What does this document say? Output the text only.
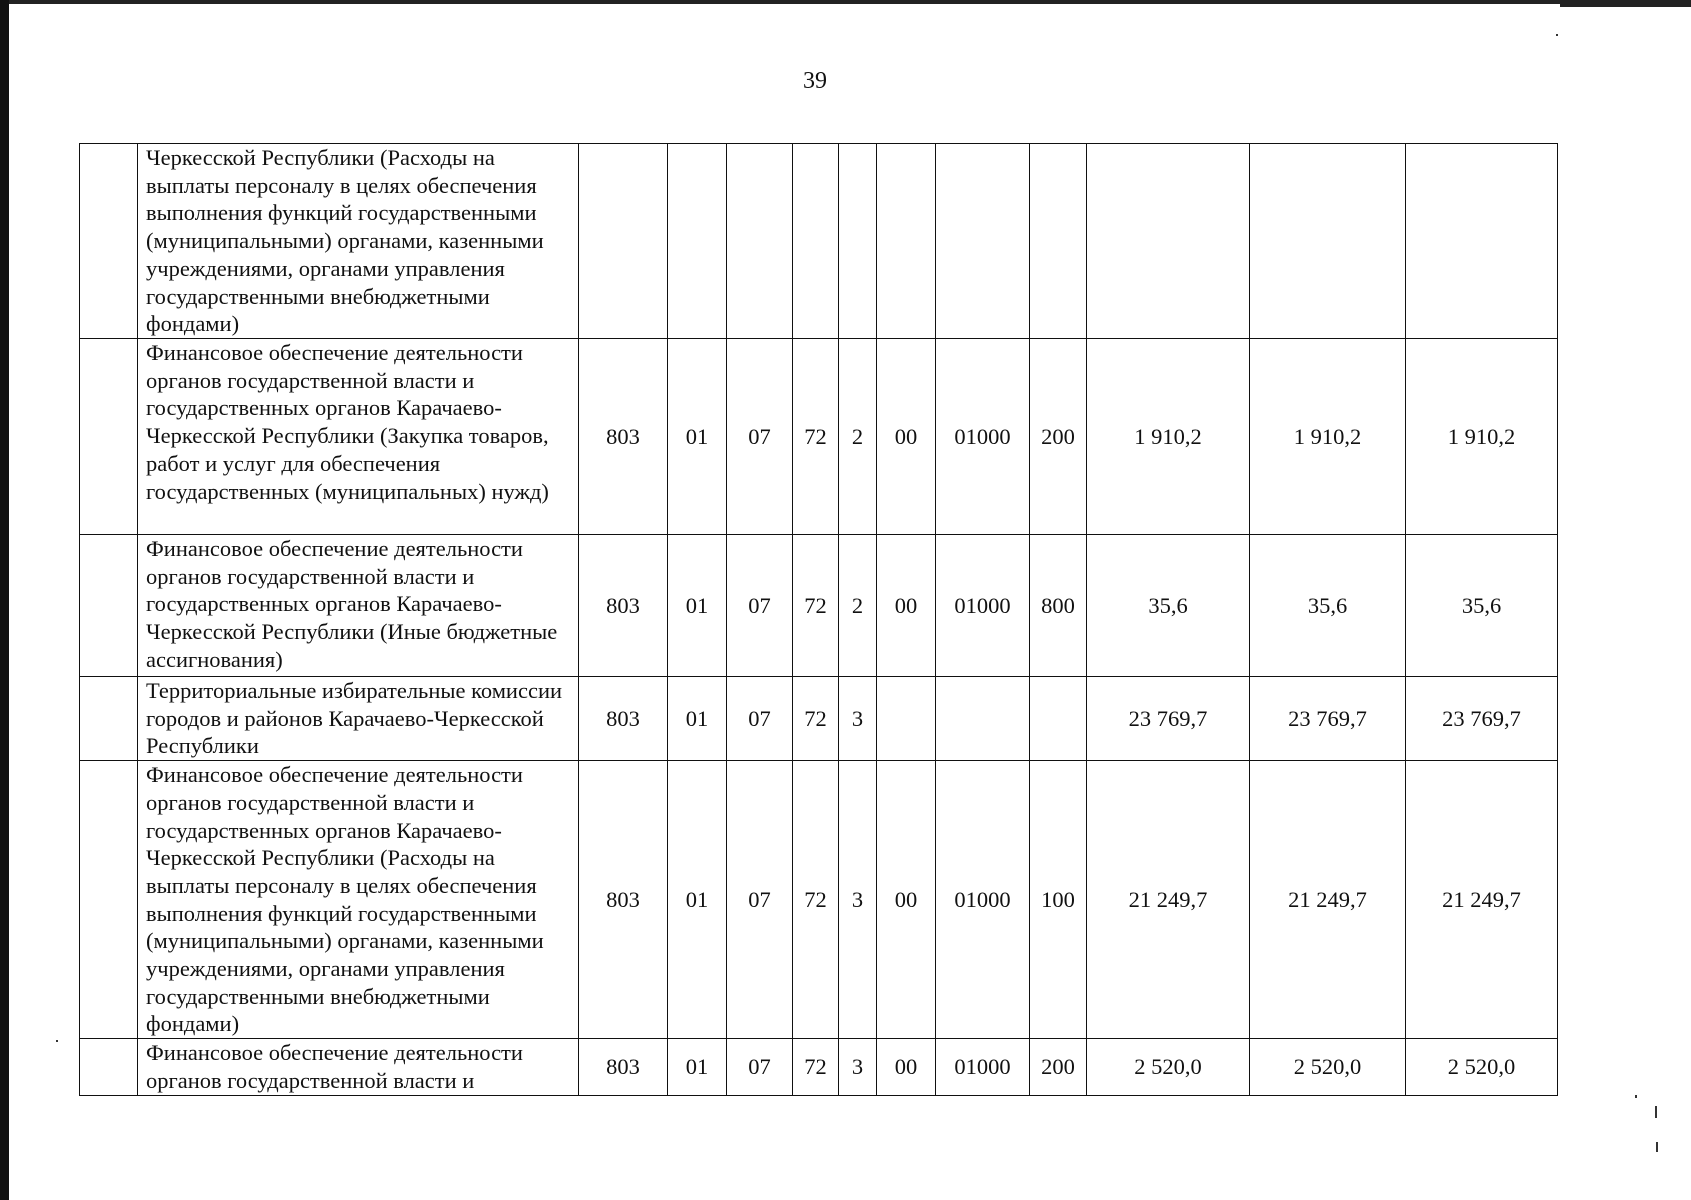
39
	Черкесской Республики (Расходы на выплаты персоналу в целях обеспечения выполнения функций государственными (муниципальными) органами, казенными учреждениями, органами управления государственными внебюджетными фондами)											
	Финансовое обеспечение деятельности органов государственной власти и государственных органов Карачаево-Черкесской Республики (Закупка товаров, работ и услуг для обеспечения государственных (муниципальных) нужд)	803	01	07	72	2	00	01000	200	1 910,2	1 910,2	1 910,2
	Финансовое обеспечение деятельности органов государственной власти и государственных органов Карачаево-Черкесской Республики (Иные бюджетные ассигнования)	803	01	07	72	2	00	01000	800	35,6	35,6	35,6
	Территориальные избирательные комиссии городов и районов Карачаево-Черкесской Республики	803	01	07	72	3				23 769,7	23 769,7	23 769,7
	Финансовое обеспечение деятельности органов государственной власти и государственных органов Карачаево-Черкесской Республики (Расходы на выплаты персоналу в целях обеспечения выполнения функций государственными (муниципальными) органами, казенными учреждениями, органами управления государственными внебюджетными фондами)	803	01	07	72	3	00	01000	100	21 249,7	21 249,7	21 249,7
	Финансовое обеспечение деятельности органов государственной власти и	803	01	07	72	3	00	01000	200	2 520,0	2 520,0	2 520,0
